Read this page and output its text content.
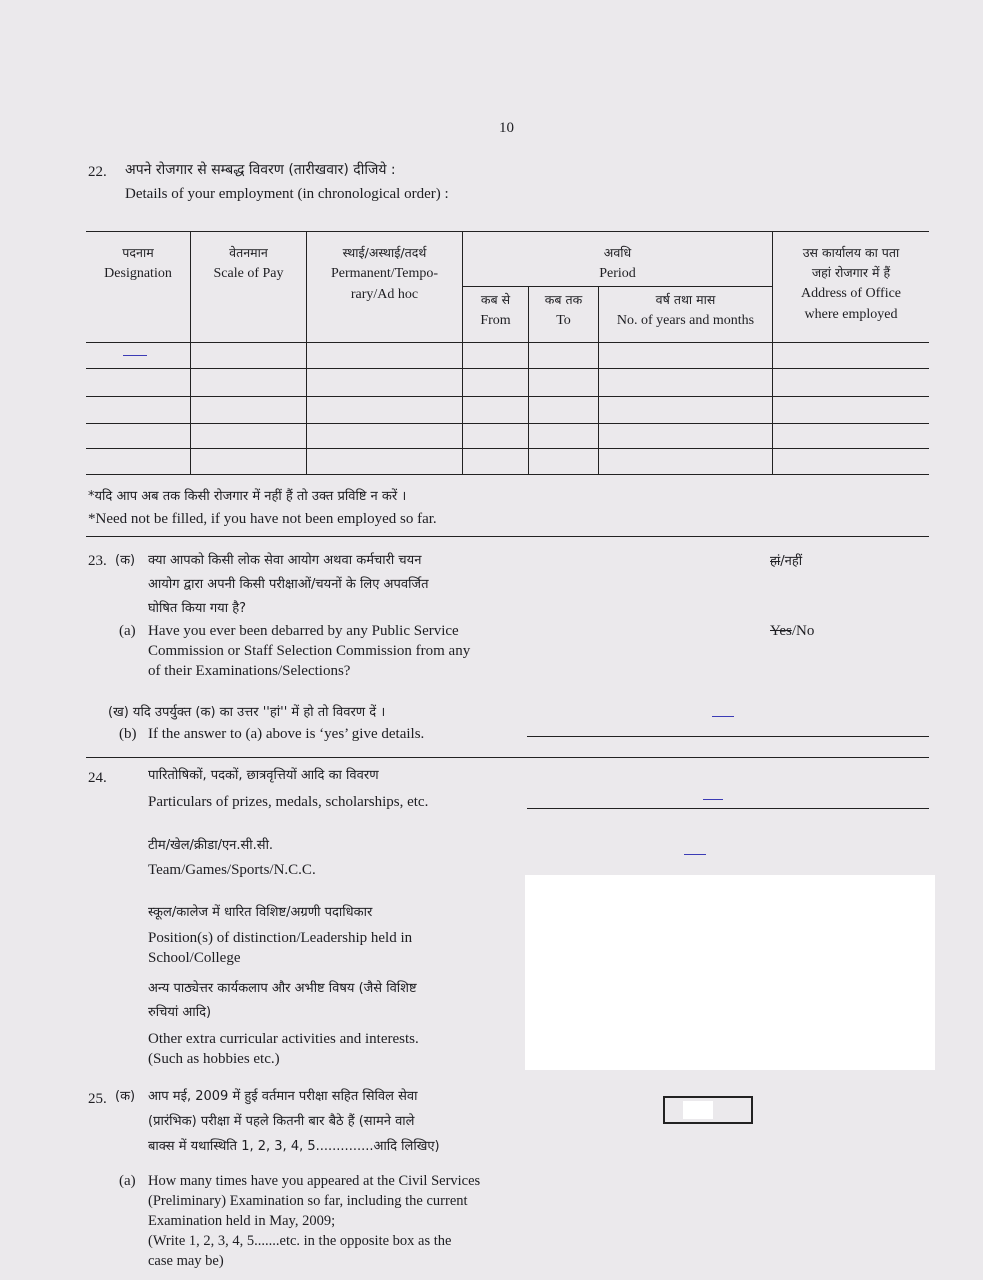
10
22. अपने रोजगार से सम्बद्ध विवरण (तारीखवार) दीजिये :
Details of your employment (in chronological order) :
पदनाम
Designation
वेतनमान
Scale of Pay
स्थाई/अस्थाई/तदर्थ
Permanent/Tempo-
rary/Ad hoc
अवधि
Period
कब से
From
कब तक
To
वर्ष तथा मास
No. of years and months
उस कार्यालय का पता
जहां रोजगार में हैं
Address of Office
where employed
*यदि आप अब तक किसी रोजगार में नहीं हैं तो उक्त प्रविष्टि न करें ।
*Need not be filled, if you have not been employed so far.
23. (क) क्या आपको किसी लोक सेवा आयोग अथवा कर्मचारी चयन
आयोग द्वारा अपनी किसी परीक्षाओं/चयनों के लिए अपवर्जित
घोषित किया गया है?
हां/नहीं
(a) Have you ever been debarred by any Public Service
Commission or Staff Selection Commission from any
of their Examinations/Selections?
Yes/No
(ख) यदि उपर्युक्त (क) का उत्तर ''हां'' में हो तो विवरण दें ।
(b) If the answer to (a) above is ‘yes’ give details.
24.	पारितोषिकों, पदकों, छात्रवृत्तियों आदि का विवरण
Particulars of prizes, medals, scholarships, etc.
टीम/खेल/क्रीडा/एन.सी.सी.
Team/Games/Sports/N.C.C.
स्कूल/कालेज में धारित विशिष्ट/अग्रणी पदाधिकार
Position(s) of distinction/Leadership held in
School/College
अन्य पाठ्येत्तर कार्यकलाप और अभीष्ट विषय (जैसे विशिष्ट
रुचियां आदि)
Other extra curricular activities and interests.
(Such as hobbies etc.)
25. (क) आप मई, 2009 में हुई वर्तमान परीक्षा सहित सिविल सेवा
(प्रारंभिक) परीक्षा में पहले कितनी बार बैठे हैं (सामने वाले
बाक्स में यथास्थिति 1, 2, 3, 4, 5..............आदि लिखिए)
(a) How many times have you appeared at the Civil Services
(Preliminary) Examination so far, including the current
Examination held in May, 2009;
(Write 1, 2, 3, 4, 5.......etc. in the opposite box as the
case may be)
